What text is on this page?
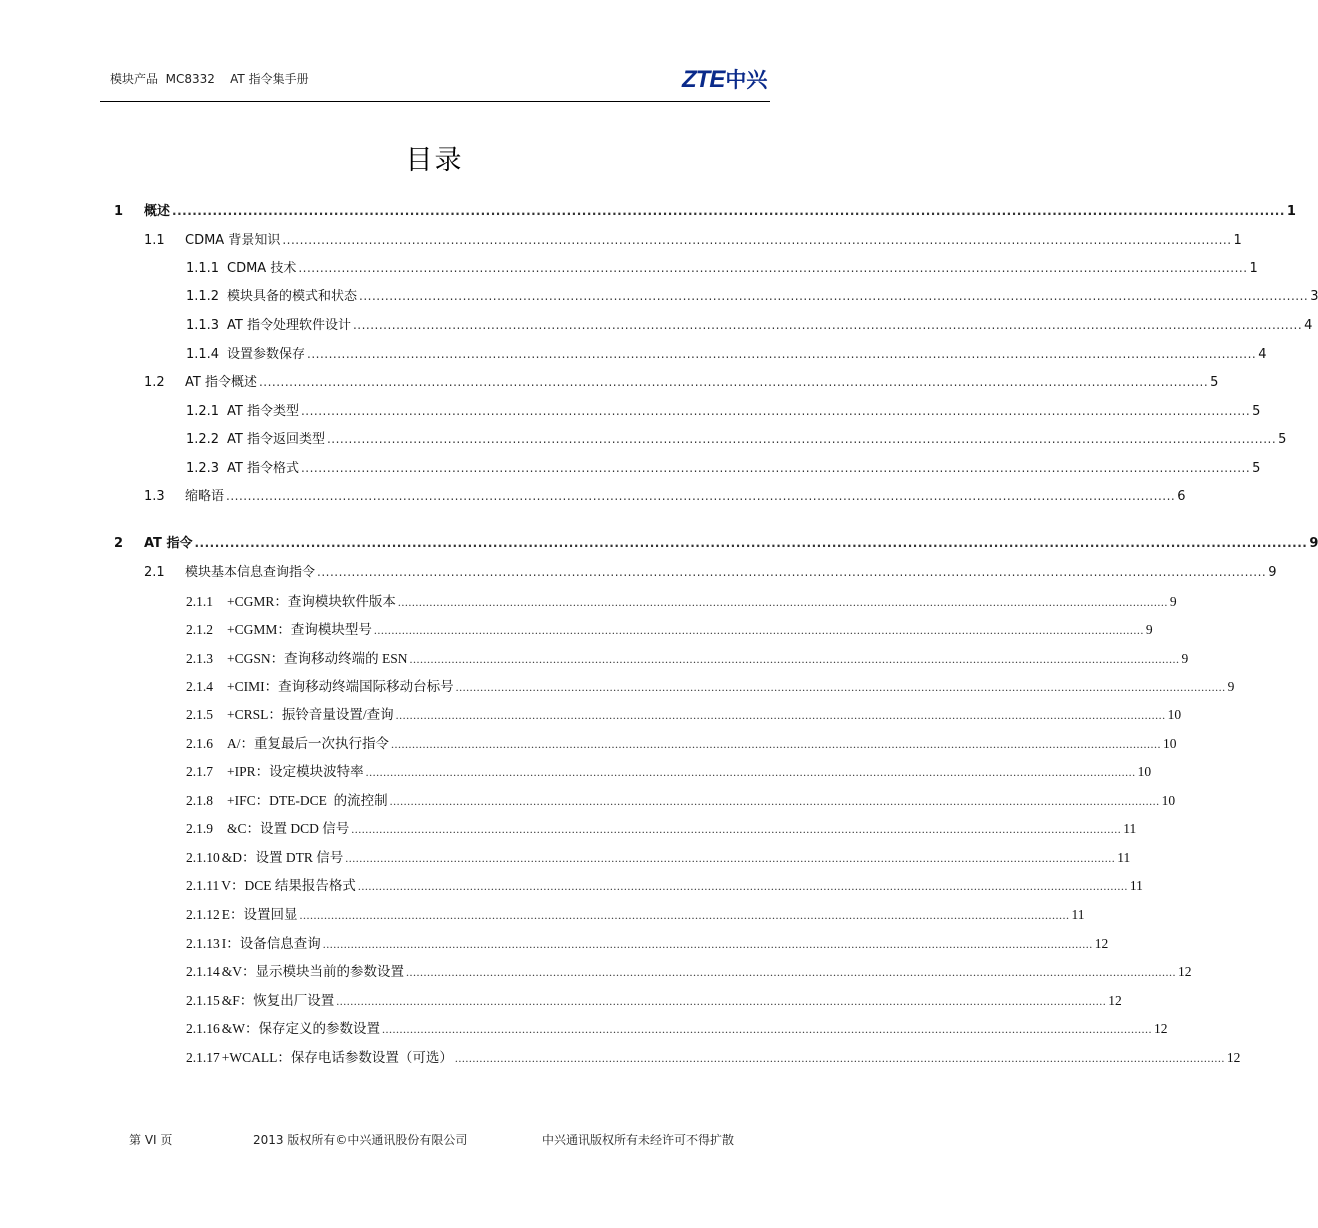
模块产品  MC8332    AT 指令集手册	ZTE 中兴
目录
1	概述 ............................................................................................................................................................................................................................ 1
1.1	CDMA 背景知识 ............................................................................................................................................................................................................................ 1
1.1.1 CDMA 技术 ............................................................................................................................................................................................................................ 1
1.1.2 模块具备的模式和状态 ............................................................................................................................................................................................................................ 3
1.1.3 AT 指令处理软件设计 ............................................................................................................................................................................................................................ 4
1.1.4 设置参数保存 ............................................................................................................................................................................................................................ 4
1.2	AT 指令概述 ............................................................................................................................................................................................................................ 5
1.2.1 AT 指令类型 ............................................................................................................................................................................................................................ 5
1.2.2 AT 指令返回类型 ............................................................................................................................................................................................................................ 5
1.2.3 AT 指令格式 ............................................................................................................................................................................................................................ 5
1.3	缩略语 ............................................................................................................................................................................................................................ 6
2	AT 指令 ............................................................................................................................................................................................................................ 9
2.1	模块基本信息查询指令 ............................................................................................................................................................................................................................ 9
2.1.1	+CGMR：查询模块软件版本 ............................................................................................................................................................................................................................ 9
2.1.2	+CGMM：查询模块型号 ............................................................................................................................................................................................................................ 9
2.1.3	+CGSN：查询移动终端的 ESN ............................................................................................................................................................................................................................ 9
2.1.4	+CIMI：查询移动终端国际移动台标号 ............................................................................................................................................................................................................................ 9
2.1.5	+CRSL：振铃音量设置/查询 ............................................................................................................................................................................................................................ 10
2.1.6	A/：重复最后一次执行指令 ............................................................................................................................................................................................................................ 10
2.1.7	+IPR：设定模块波特率 ............................................................................................................................................................................................................................ 10
2.1.8	+IFC：DTE-DCE  的流控制 ............................................................................................................................................................................................................................ 10
2.1.9	&C：设置 DCD 信号 ............................................................................................................................................................................................................................ 11
2.1.10 &D：设置 DTR 信号 ............................................................................................................................................................................................................................ 11
2.1.11 V：DCE 结果报告格式 ............................................................................................................................................................................................................................ 11
2.1.12 E：设置回显 ............................................................................................................................................................................................................................ 11
2.1.13 I：设备信息查询 ............................................................................................................................................................................................................................ 12
2.1.14 &V：显示模块当前的参数设置 ............................................................................................................................................................................................................................ 12
2.1.15 &F：恢复出厂设置 ............................................................................................................................................................................................................................ 12
2.1.16 &W：保存定义的参数设置 ............................................................................................................................................................................................................................ 12
2.1.17 +WCALL：保存电话参数设置（可选） ............................................................................................................................................................................................................................ 12
第 VI 页	2013 版权所有©中兴通讯股份有限公司	中兴通讯版权所有未经许可不得扩散
